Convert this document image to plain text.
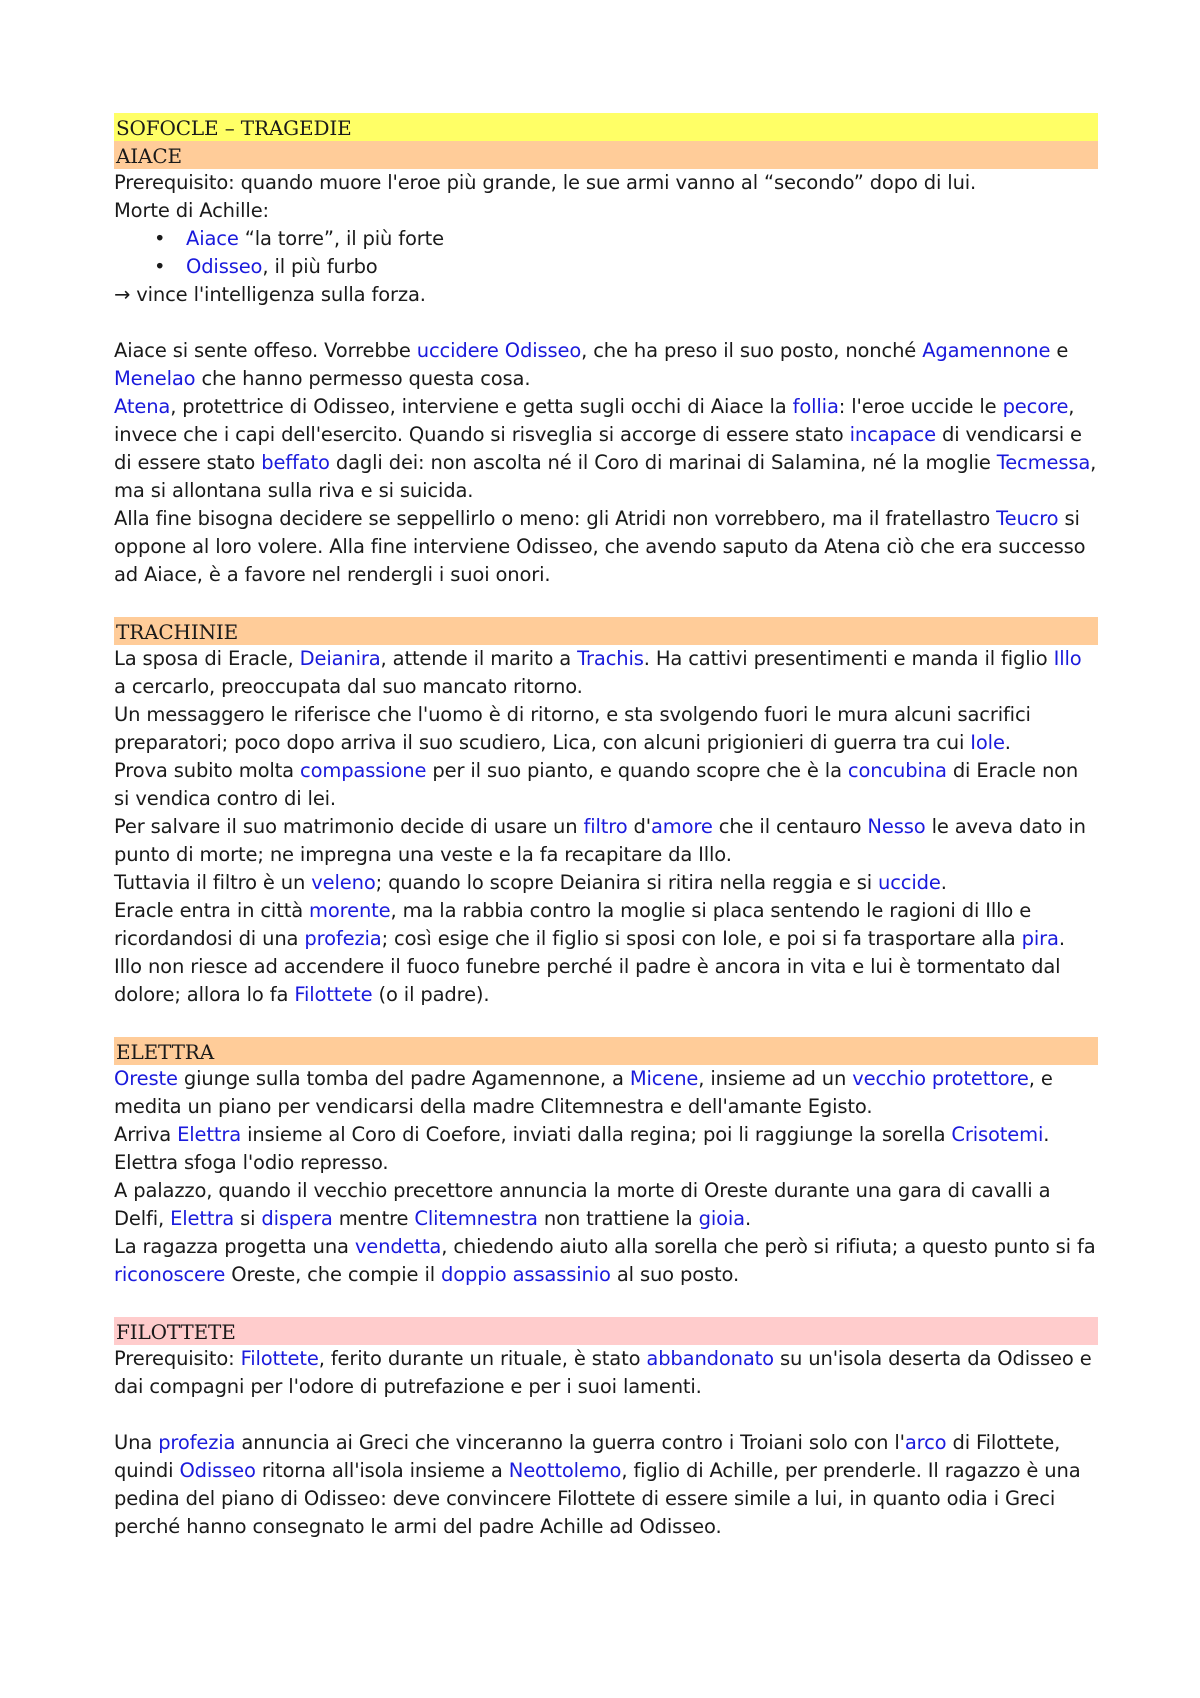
SOFOCLE – TRAGEDIE
AIACE

Prerequisito: quando muore l'eroe più grande, le sue armi vanno al “secondo” dopo di lui.

Morte di Achille:

• Aiace “la torre”, il più forte
• Odisseo, il più furbo

→ vince l'intelligenza sulla forza.

Aiace si sente offeso. Vorrebbe uccidere Odisseo, che ha preso il suo posto, nonché Agamennone e Menelao che hanno permesso questa cosa.

Atena, protettrice di Odisseo, interviene e getta sugli occhi di Aiace la follia: l'eroe uccide le pecore, invece che i capi dell'esercito. Quando si risveglia si accorge di essere stato incapace di vendicarsi e di essere stato beffato dagli dei: non ascolta né il Coro di marinai di Salamina, né la moglie Tecmessa, ma si allontana sulla riva e si suicida.

Alla fine bisogna decidere se seppellirlo o meno: gli Atridi non vorrebbero, ma il fratellastro Teucro si oppone al loro volere. Alla fine interviene Odisseo, che avendo saputo da Atena ciò che era successo ad Aiace, è a favore nel rendergli i suoi onori.

TRACHINIE

La sposa di Eracle, Deianira, attende il marito a Trachis. Ha cattivi presentimenti e manda il figlio Illo a cercarlo, preoccupata dal suo mancato ritorno.

Un messaggero le riferisce che l'uomo è di ritorno, e sta svolgendo fuori le mura alcuni sacrifici preparatori; poco dopo arriva il suo scudiero, Lica, con alcuni prigionieri di guerra tra cui Iole.

Prova subito molta compassione per il suo pianto, e quando scopre che è la concubina di Eracle non si vendica contro di lei.

Per salvare il suo matrimonio decide di usare un filtro d'amore che il centauro Nesso le aveva dato in punto di morte; ne impregna una veste e la fa recapitare da Illo.

Tuttavia il filtro è un veleno; quando lo scopre Deianira si ritira nella reggia e si uccide.

Eracle entra in città morente, ma la rabbia contro la moglie si placa sentendo le ragioni di Illo e ricordandosi di una profezia; così esige che il figlio si sposi con Iole, e poi si fa trasportare alla pira.

Illo non riesce ad accendere il fuoco funebre perché il padre è ancora in vita e lui è tormentato dal dolore; allora lo fa Filottete (o il padre).

ELETTRA

Oreste giunge sulla tomba del padre Agamennone, a Micene, insieme ad un vecchio protettore, e medita un piano per vendicarsi della madre Clitemnestra e dell'amante Egisto.

Arriva Elettra insieme al Coro di Coefore, inviati dalla regina; poi li raggiunge la sorella Crisotemi. Elettra sfoga l'odio represso.

A palazzo, quando il vecchio precettore annuncia la morte di Oreste durante una gara di cavalli a Delfi, Elettra si dispera mentre Clitemnestra non trattiene la gioia.

La ragazza progetta una vendetta, chiedendo aiuto alla sorella che però si rifiuta; a questo punto si fa riconoscere Oreste, che compie il doppio assassinio al suo posto.

FILOTTETE

Prerequisito: Filottete, ferito durante un rituale, è stato abbandonato su un'isola deserta da Odisseo e dai compagni per l'odore di putrefazione e per i suoi lamenti.

Una profezia annuncia ai Greci che vinceranno la guerra contro i Troiani solo con l'arco di Filottete, quindi Odisseo ritorna all'isola insieme a Neottolemo, figlio di Achille, per prenderle. Il ragazzo è una pedina del piano di Odisseo: deve convincere Filottete di essere simile a lui, in quanto odia i Greci perché hanno consegnato le armi del padre Achille ad Odisseo.
